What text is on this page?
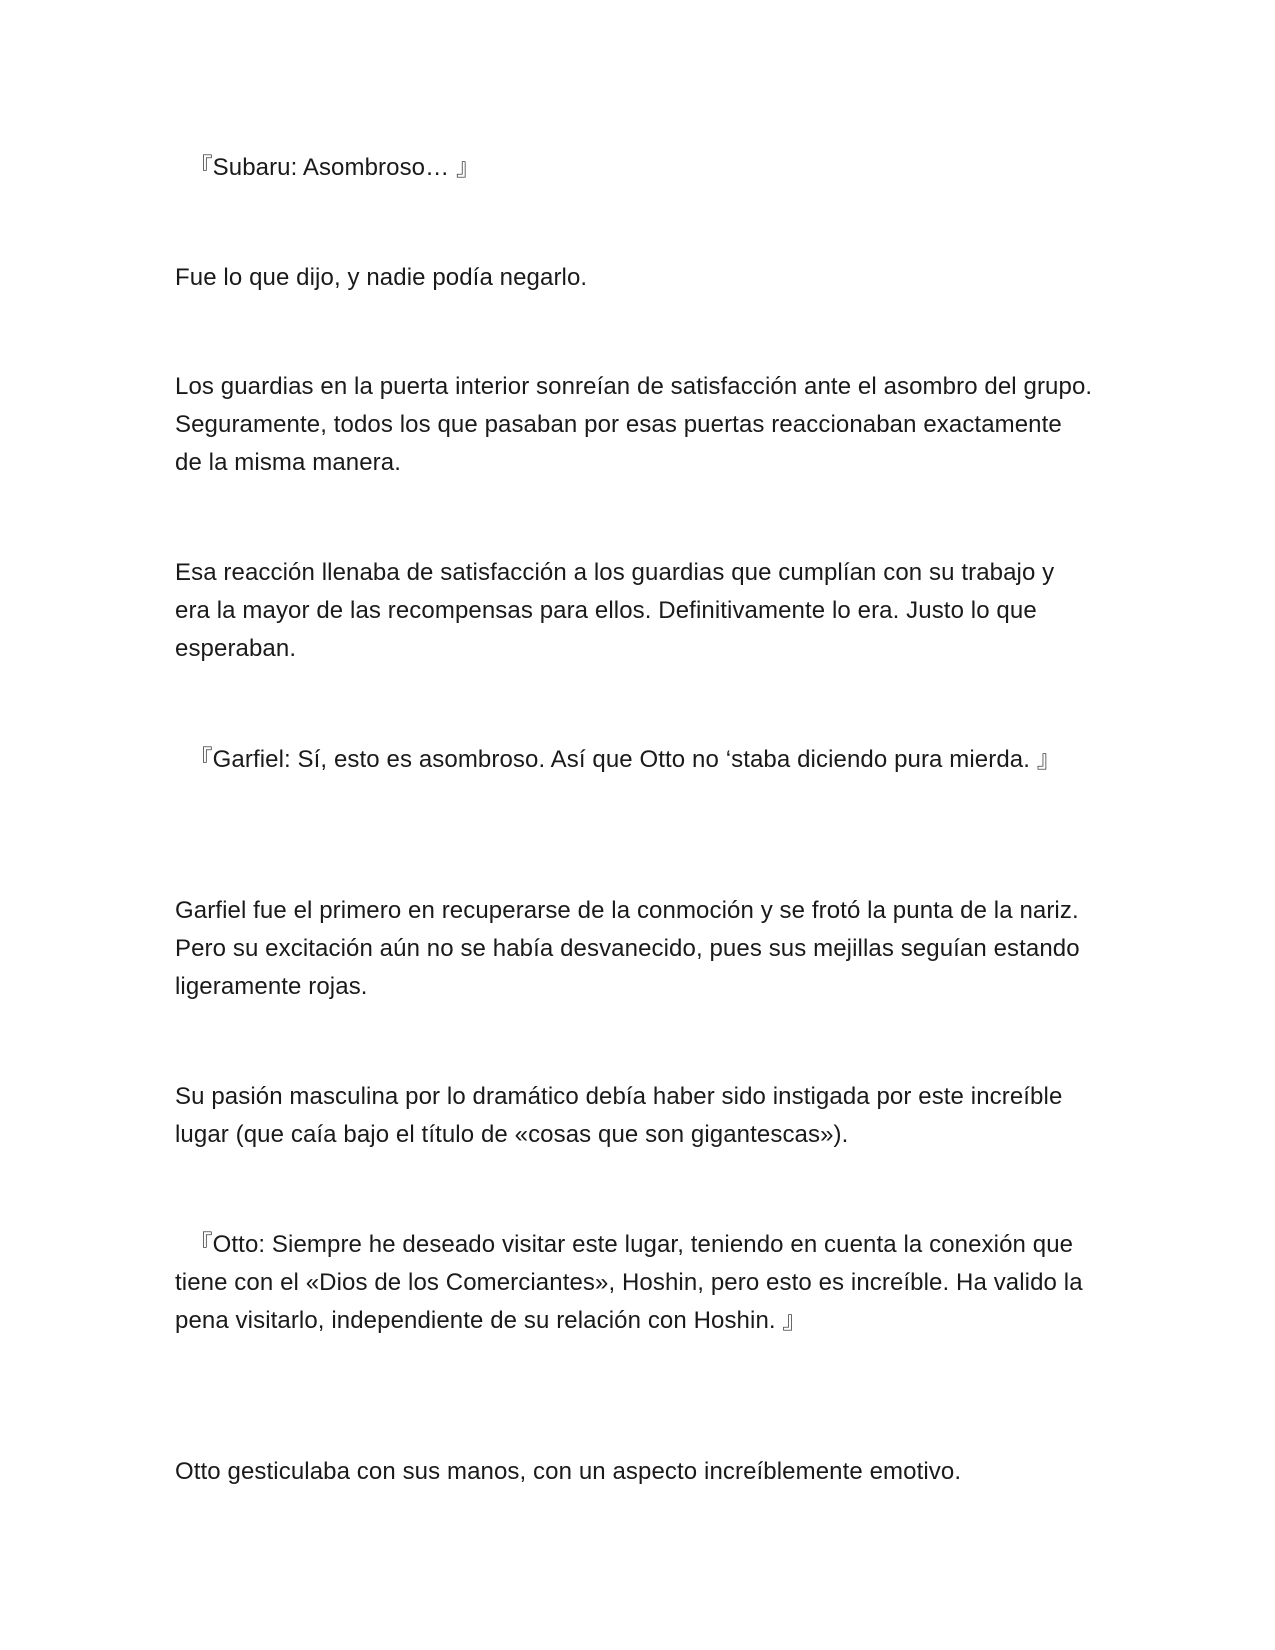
『Subaru: Asombroso… 』

Fue lo que dijo, y nadie podía negarlo.

Los guardias en la puerta interior sonreían de satisfacción ante el asombro del grupo. Seguramente, todos los que pasaban por esas puertas reaccionaban exactamente de la misma manera.

Esa reacción llenaba de satisfacción a los guardias que cumplían con su trabajo y era la mayor de las recompensas para ellos. Definitivamente lo era. Justo lo que esperaban.

『Garfiel: Sí, esto es asombroso. Así que Otto no ‘staba diciendo pura mierda. 』

Garfiel fue el primero en recuperarse de la conmoción y se frotó la punta de la nariz. Pero su excitación aún no se había desvanecido, pues sus mejillas seguían estando ligeramente rojas.

Su pasión masculina por lo dramático debía haber sido instigada por este increíble lugar (que caía bajo el título de «cosas que son gigantescas»).

『Otto: Siempre he deseado visitar este lugar, teniendo en cuenta la conexión que tiene con el «Dios de los Comerciantes», Hoshin, pero esto es increíble. Ha valido la pena visitarlo, independiente de su relación con Hoshin. 』

Otto gesticulaba con sus manos, con un aspecto increíblemente emotivo.
